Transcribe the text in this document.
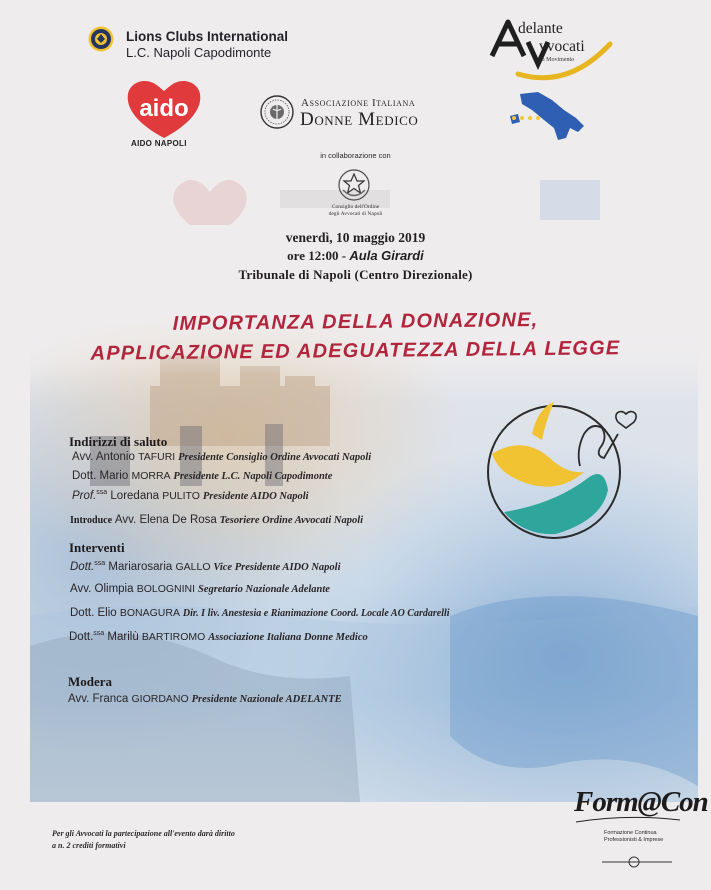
Lions Clubs International
L.C. Napoli Capodimonte
delante
vvocati
in Movimento
aido
AIDO NAPOLI
Associazione Italiana
Donne Medico
in collaborazione con
Consiglio dell'Ordine
degli Avvocati di Napoli
venerdì, 10 maggio 2019
ore 12:00 - Aula Girardi
Tribunale di Napoli (Centro Direzionale)
IMPORTANZA DELLA DONAZIONE,
APPLICAZIONE ED ADEGUATEZZA DELLA LEGGE
Indirizzi di saluto
Avv. Antonio TAFURI Presidente Consiglio Ordine Avvocati Napoli
Dott. Mario MORRA Presidente L.C. Napoli Capodimonte
Prof.$^{ssa}$ Loredana PULITO Presidente AIDO Napoli
Introduce Avv. Elena De Rosa Tesoriere Ordine Avvocati Napoli
Interventi
Dott.$^{ssa}$ Mariarosaria GALLO Vice Presidente AIDO Napoli
Avv. Olimpia BOLOGNINI Segretario Nazionale Adelante
Dott. Elio BONAGURA Dir. I liv. Anestesia e Rianimazione Coord. Locale AO Cardarelli
Dott.$^{ssa}$ Marilù BARTIROMO Associazione Italiana Donne Medico
Modera
Avv. Franca GIORDANO Presidente Nazionale ADELANTE
Per gli Avvocati la partecipazione all'evento darà diritto
a n. 2 crediti formativi
Form@Con
Formazione Continua
Professionisti & Imprese
